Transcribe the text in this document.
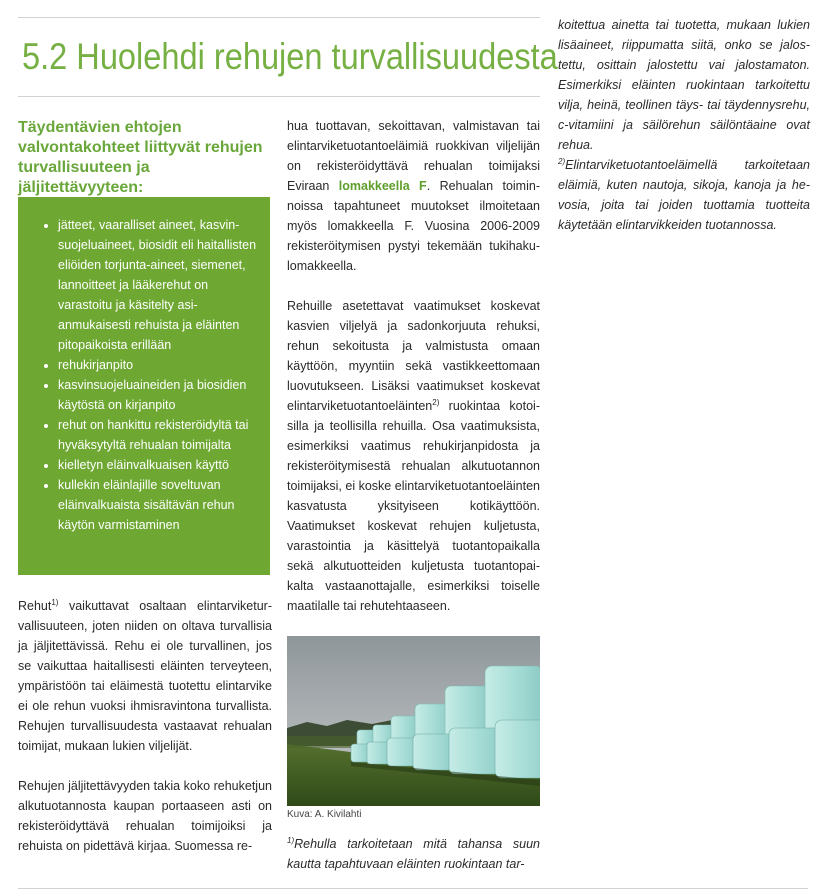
5.2 Huolehdi rehujen turvallisuudesta
Täydentävien ehtojen valvontakohteet liittyvät rehujen turvallisuuteen ja jäljitettävyyteen:
• jätteet, vaaralliset aineet, kasvinsuojeluaineet, biosidit eli haitallisten eliöiden torjunta-aineet, siemenet, lannoitteet ja lääkerehut on varastoitu ja käsitelty asianmukaisesti rehuista ja eläinten pitopaikoista erillään
• rehukirjanpito
• kasvinsuojeluaineiden ja biosidien käytöstä on kirjanpito
• rehut on hankittu rekisteröidyltä tai hyväksytyltä rehualan toimijalta
• kielletyn eläinvalkuaisen käyttö
• kullekin eläinlajille soveltuvan eläinvalkuaista sisältävän rehun käytön varmistaminen

Rehut$^{1)}$ vaikuttavat osaltaan elintarviketurvallisuuteen, joten niiden on oltava turvallisia ja jäljitettävissä. Rehu ei ole turvallinen, jos se vaikuttaa haitallisesti eläinten terveyteen, ympäristöön tai eläimestä tuotettu elintarvike ei ole rehun vuoksi ihmisravintona turvallista. Rehujen turvallisuudesta vastaavat rehualan toimijat, mukaan lukien viljelijät.

Rehujen jäljitettävyyden takia koko rehuketjun alkutuotannosta kaupan portaaseen asti on rekisteröidyttävä rehualan toimijoiksi ja rehuista on pidettävä kirjaa. Suomessa re-

hua tuottavan, sekoittavan, valmistavan tai elintarviketuotantoeläimiä ruokkivan viljelijän on rekisteröidyttävä rehualan toimijaksi Eviraan lomakkeella F. Rehualan toiminnoissa tapahtuneet muutokset ilmoitetaan myös lomakkeella F. Vuosina 2006-2009 rekisteröitymisen pystyi tekemään tukihakulomakkeella.

Rehuille asetettavat vaatimukset koskevat kasvien viljelyä ja sadonkorjuuta rehuksi, rehun sekoitusta ja valmistusta omaan käyttöön, myyntiin sekä vastikkeettomaan luovutukseen. Lisäksi vaatimukset koskevat elintarviketuotantoeläinten$^{2)}$ ruokintaa kotoisilla ja teollisilla rehuilla. Osa vaatimuksista, esimerkiksi vaatimus rehukirjanpidosta ja rekisteröitymisestä rehualan alkutuotannon toimijaksi, ei koske elintarviketuotantoeläinten kasvatusta yksityiseen kotikäyttöön. Vaatimukset koskevat rehujen kuljetusta, varastointia ja käsittelyä tuotantopaikalla sekä alkutuotteiden kuljetusta tuotantopaikalta vastaanottajalle, esimerkiksi toiselle maatilalle tai rehutehtaaseen.

Kuva: A. Kivilahti
$^{1)}$Rehulla tarkoitetaan mitä tahansa suun kautta tapahtuvaan eläinten ruokintaan tar-

koitettua ainetta tai tuotetta, mukaan lukien lisäaineet, riippumatta siitä, onko se jalostettu, osittain jalostettu vai jalostamaton. Esimerkiksi eläinten ruokintaan tarkoitettu vilja, heinä, teollinen täys- tai täydennysrehu, c-vitamiini ja säilörehun säilöntäaine ovat rehua.

$^{2)}$Elintarviketuotantoeläimellä tarkoitetaan eläimiä, kuten nautoja, sikoja, kanoja ja hevosia, joita tai joiden tuottamia tuotteita käytetään elintarvikkeiden tuotannossa.
